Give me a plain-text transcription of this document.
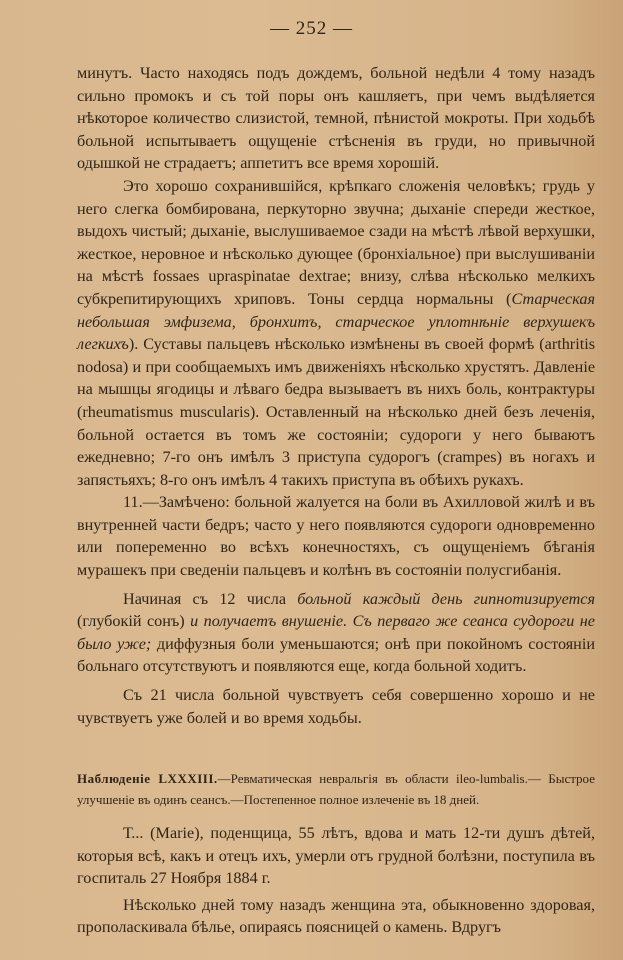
— 252 —

минутъ. Часто находясь подъ дождемъ, больной недѣли 4 тому назадъ сильно промокъ и съ той поры онъ кашляетъ, при чемъ выдѣляется нѣкоторое количество слизистой, темной, пѣнистой мокроты. При ходьбѣ больной испытываетъ ощущеніе стѣсненія въ груди, но привычной одышкой не страдаетъ; аппетитъ все время хорошій.

Это хорошо сохранившійся, крѣпкаго сложенія человѣкъ; грудь у него слегка бомбирована, перкуторно звучна; дыханіе спереди жесткое, выдохъ чистый; дыханіе, выслушиваемое сзади на мѣстѣ лѣвой верхушки, жесткое, неровное и нѣсколько дующее (бронхіальное) при выслушиваніи на мѣстѣ fossaes upraspinatae dextrae; внизу, слѣва нѣсколько мелкихъ субкрепитирующихъ хриповъ. Тоны сердца нормальны (Старческая небольшая эмфизема, бронхитъ, старческое уплотнѣніе верхушекъ легкихъ). Суставы пальцевъ нѣсколько измѣнены въ своей формѣ (arthritis nodosa) и при сообщаемыхъ имъ движеніяхъ нѣсколько хрустятъ. Давленіе на мышцы ягодицы и лѣваго бедра вызываетъ въ нихъ боль, контрактуры (rheumatismus muscularis). Оставленный на нѣсколько дней безъ леченія, больной остается въ томъ же состояніи; судороги у него бываютъ ежедневно; 7-го онъ имѣлъ 3 приступа судорогъ (crampes) въ ногахъ и запястьяхъ; 8-го онъ имѣлъ 4 такихъ приступа въ обѣихъ рукахъ.

11.—Замѣчено: больной жалуется на боли въ Ахилловой жилѣ и въ внутренней части бедръ; часто у него появляются судороги одновременно или попеременно во всѣхъ конечностяхъ, съ ощущеніемъ бѣганія мурашекъ при сведеніи пальцевъ и колѣнъ въ состояніи полусгибанія.

Начиная съ 12 числа больной каждый день гипнотизируется (глубокій сонъ) и получаетъ внушеніе. Съ перваго же сеанса судороги не было уже; диффузныя боли уменьшаются; онѣ при покойномъ состояніи больнаго отсутствуютъ и появляются еще, когда больной ходитъ.

Съ 21 числа больной чувствуетъ себя совершенно хорошо и не чувствуетъ уже болей и во время ходьбы.

Наблюденіе LXXXIII.—Ревматическая невральгія въ области ileo-lumbalis.— Быстрое улучшеніе въ одинъ сеансъ.—Постепенное полное излеченіе въ 18 дней.

Т... (Marie), поденщица, 55 лѣтъ, вдова и мать 12-ти душъ дѣтей, которыя всѣ, какъ и отецъ ихъ, умерли отъ грудной болѣзни, поступила въ госпиталь 27 Ноября 1884 г.

Нѣсколько дней тому назадъ женщина эта, обыкновенно здоровая, прополаскивала бѣлье, опираясь поясницей о камень. Вдругъ
